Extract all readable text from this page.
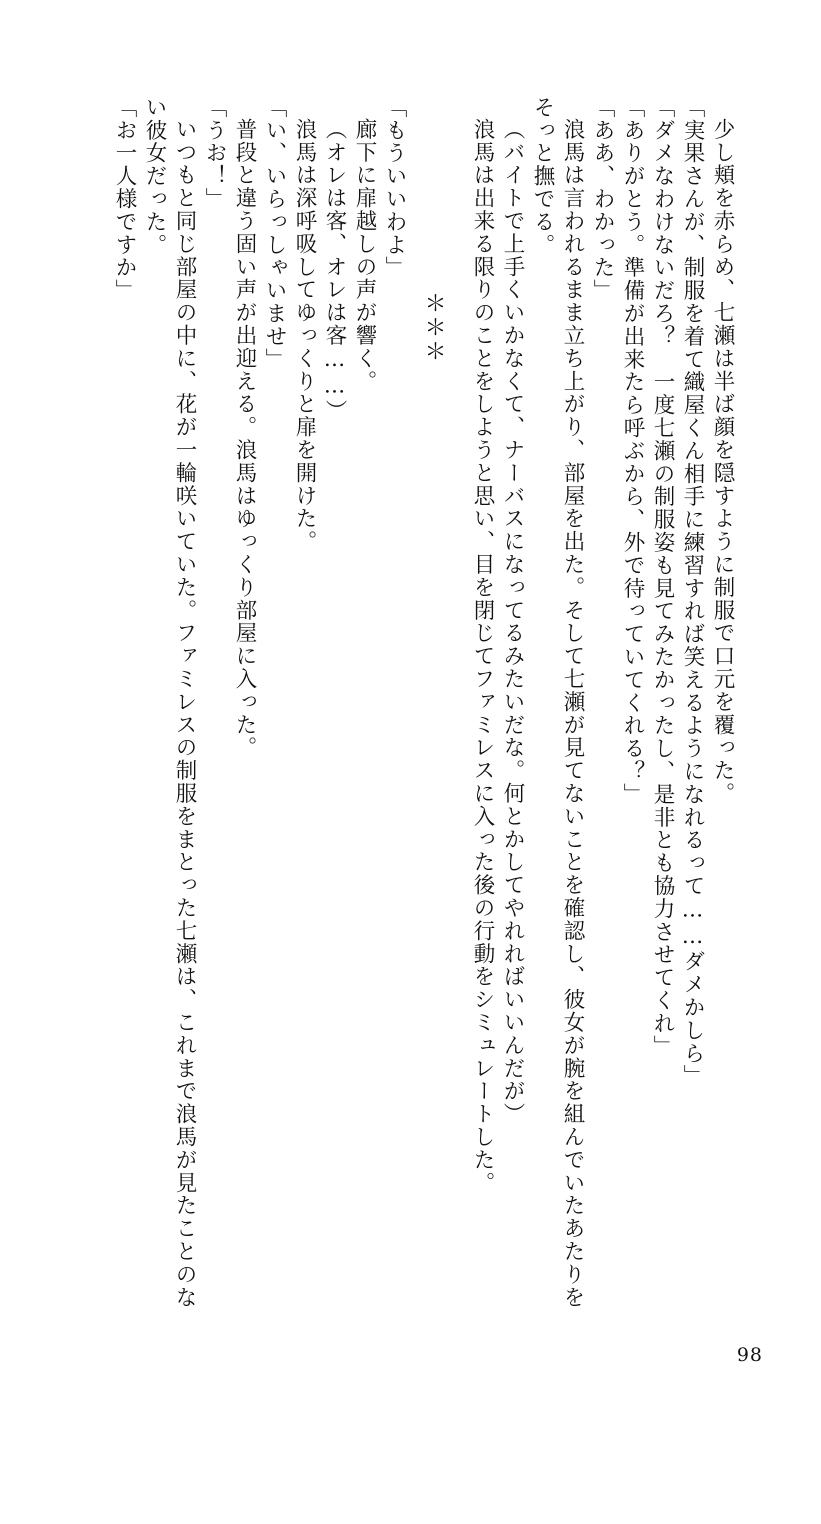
少し頬を赤らめ、七瀬は半ば顔を隠すように制服で口元を覆った。
「実果さんが、制服を着て織屋くん相手に練習すれば笑えるようになれるって……ダメかしら」
「ダメなわけないだろ？　一度七瀬の制服姿も見てみたかったし、是非とも協力させてくれ」
「ありがとう。準備が出来たら呼ぶから、外で待っていてくれる？」
「ああ、わかった」
浪馬は言われるまま立ち上がり、部屋を出た。そして七瀬が見てないことを確認し、彼女が腕を組んでいたあたりを
そっと撫でる。
（バイトで上手くいかなくて、ナーバスになってるみたいだな。何とかしてやれればいいんだが）
浪馬は出来る限りのことをしようと思い、目を閉じてファミレスに入った後の行動をシミュレートした。
＊＊＊
「もういいわよ」
廊下に扉越しの声が響く。
（オレは客、オレは客……）
浪馬は深呼吸してゆっくりと扉を開けた。
「い、いらっしゃいませ」
普段と違う固い声が出迎える。浪馬はゆっくり部屋に入った。
「うお！」
いつもと同じ部屋の中に、花が一輪咲いていた。ファミレスの制服をまとった七瀬は、これまで浪馬が見たことのな
い彼女だった。
「お一人様ですか」
98
